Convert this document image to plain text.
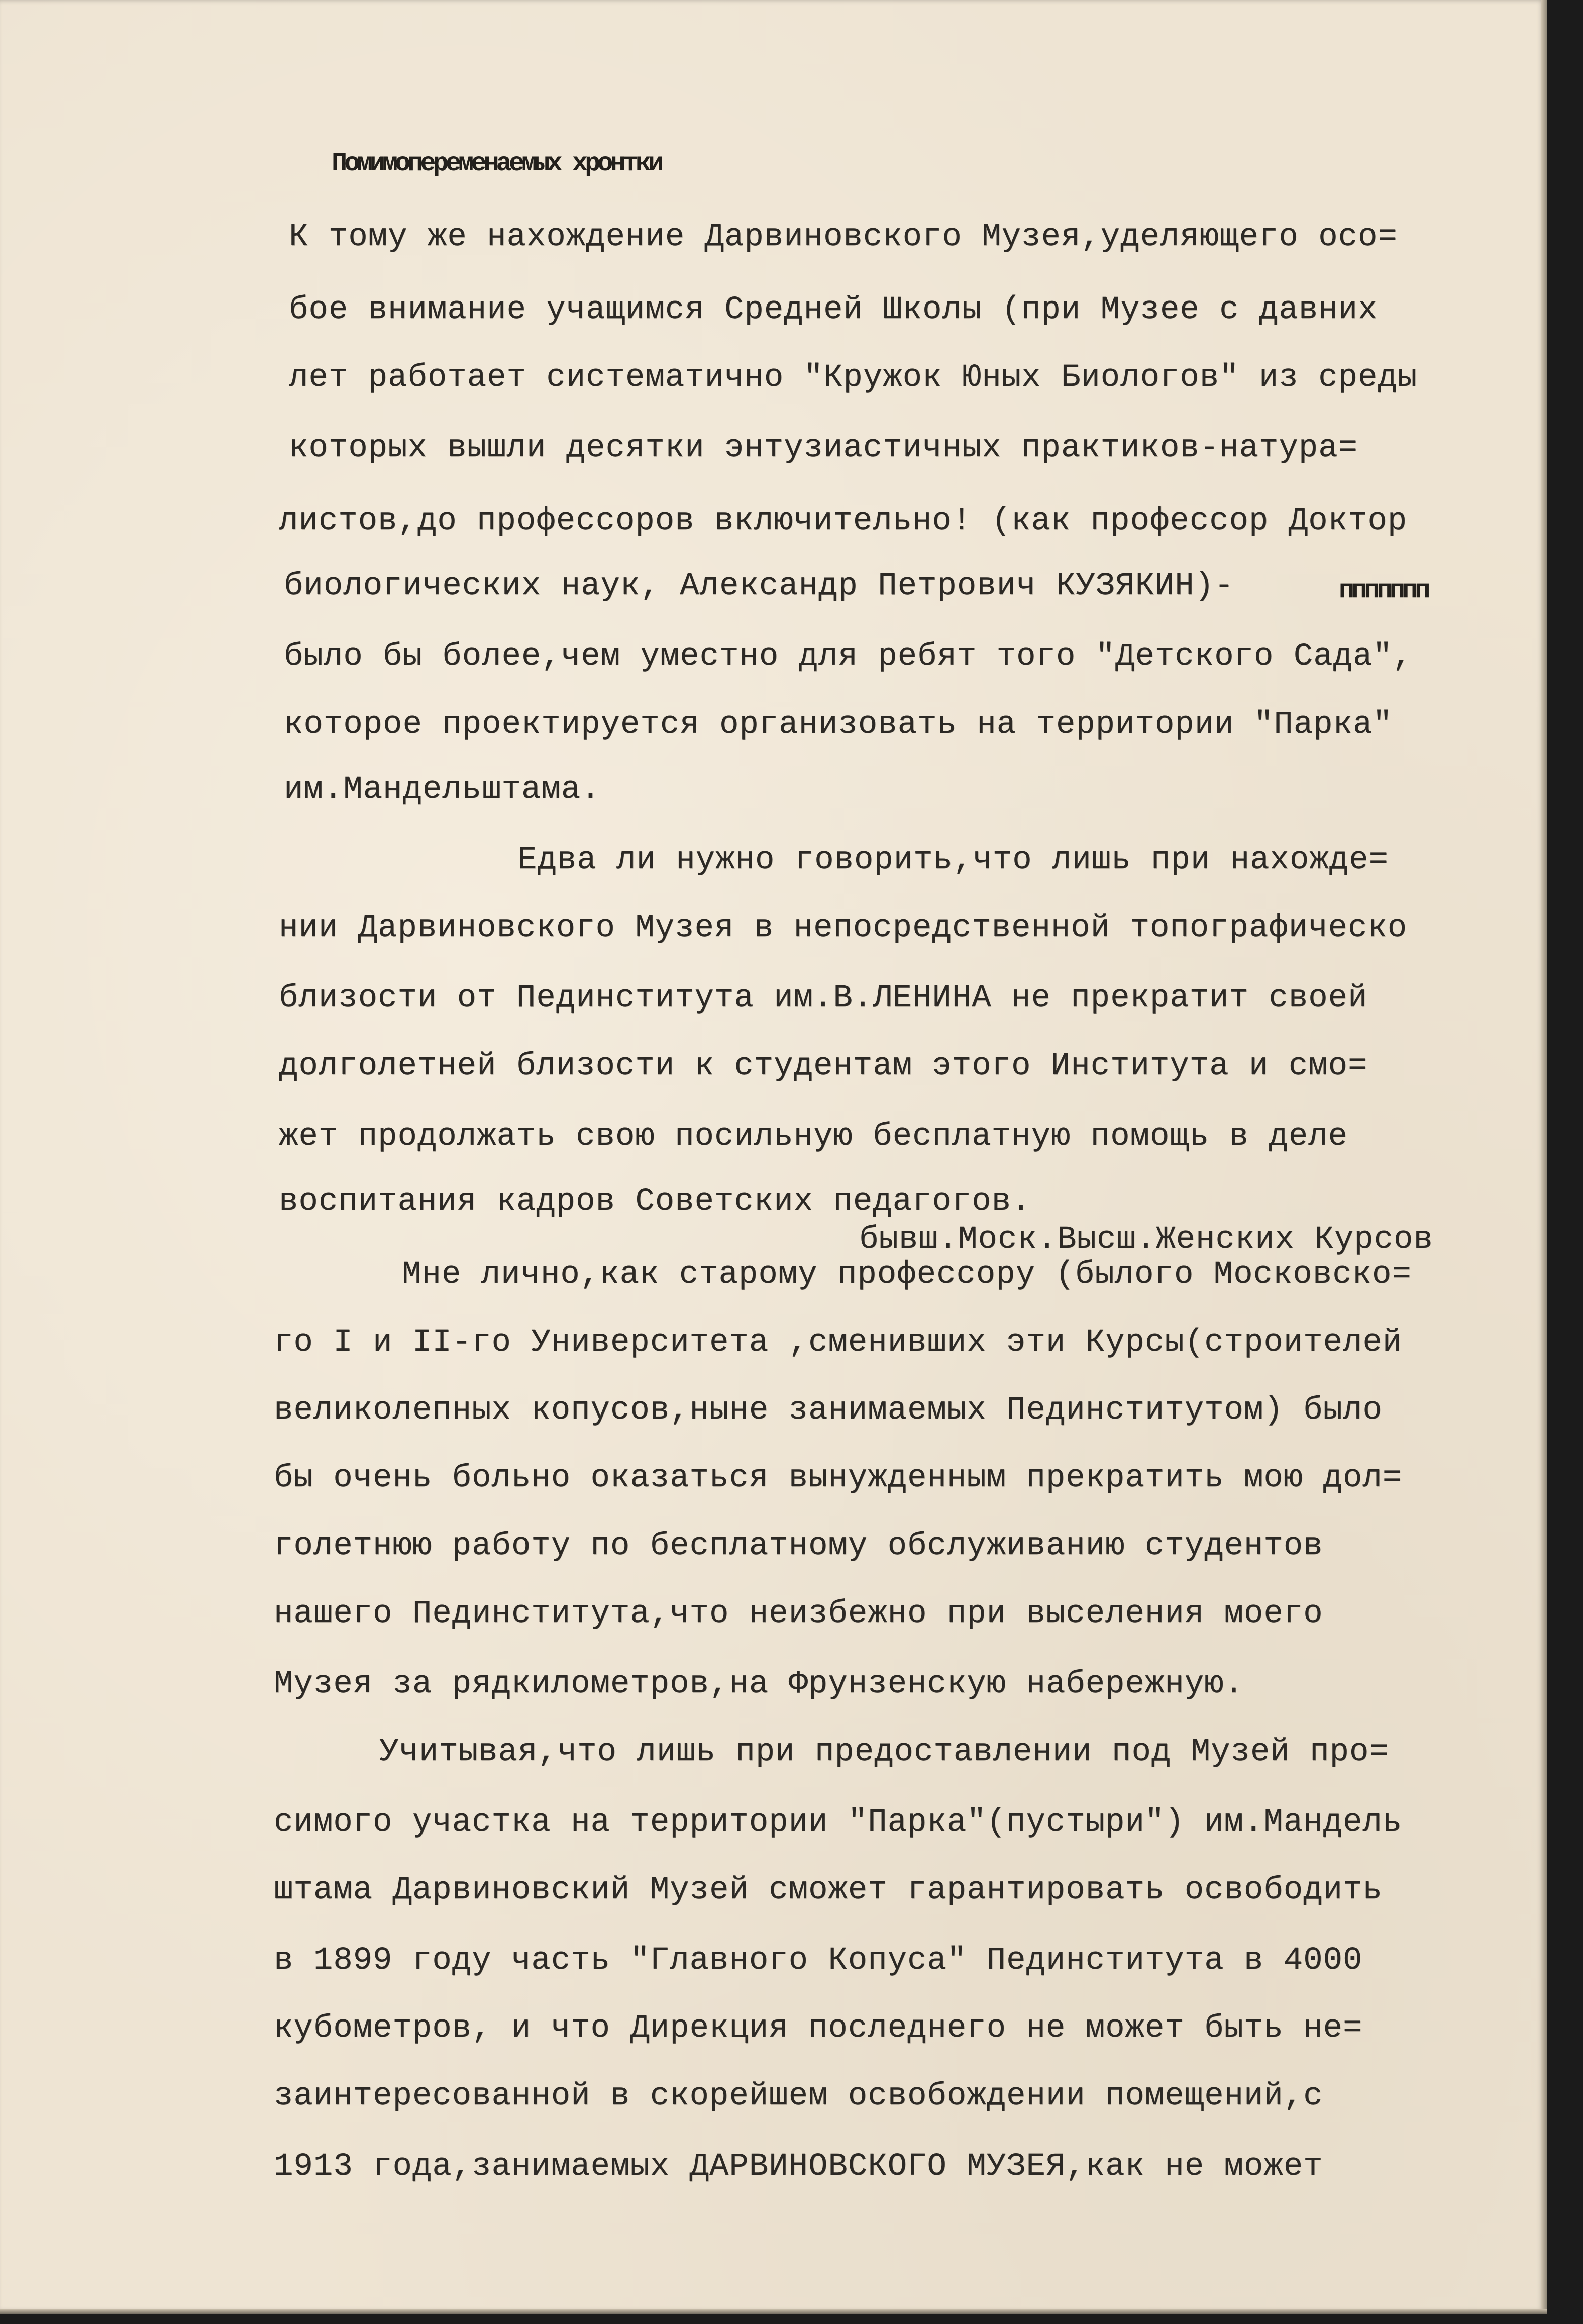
Помимопеременаемых хронтки
К тому же нахождение Дарвиновского Музея,уделяющего осо=
бое внимание учащимся Средней Школы (при Музее с давних
лет работает систематично "Кружок Юных Биологов" из среды
которых вышли десятки энтузиастичных практиков-натура=
листов,до профессоров включительно! (как профессор Доктор
биологических наук, Александр Петрович КУЗЯКИН)-	ппппппп
было бы более,чем уместно для ребят того "Детского Сада",
которое проектируется организовать на территории "Парка"
им.Мандельштама.
Едва ли нужно говорить,что лишь при нахожде=
нии Дарвиновского Музея в непосредственной топографическо
близости от Пединститута им.В.ЛЕНИНА не прекратит своей
долголетней близости к студентам этого Института и смо=
жет продолжать свою посильную бесплатную помощь в деле
воспитания кадров Советских педагогов.
бывш.Моск.Высш.Женских Курсов
Мне лично,как старому профессору (былого Московско=
го I и II-го Университета ,сменивших эти Курсы(строителей
великолепных копусов,ныне занимаемых Пединститутом) было
бы очень больно оказаться вынужденным прекратить мою дол=
голетнюю работу по бесплатному обслуживанию студентов
нашего Пединститута,что неизбежно при выселения моего
Музея за рядкилометров,на Фрунзенскую набережную.
Учитывая,что лишь при предоставлении под Музей про=
симого участка на территории "Парка"(пустыри") им.Мандель
штама Дарвиновский Музей сможет гарантировать освободить
в 1899 году часть "Главного Копуса" Пединститута в 4000
кубометров, и что Дирекция последнего не может быть не=
заинтересованной в скорейшем освобождении помещений,с
1913 года,занимаемых ДАРВИНОВСКОГО МУЗЕЯ,как не может
